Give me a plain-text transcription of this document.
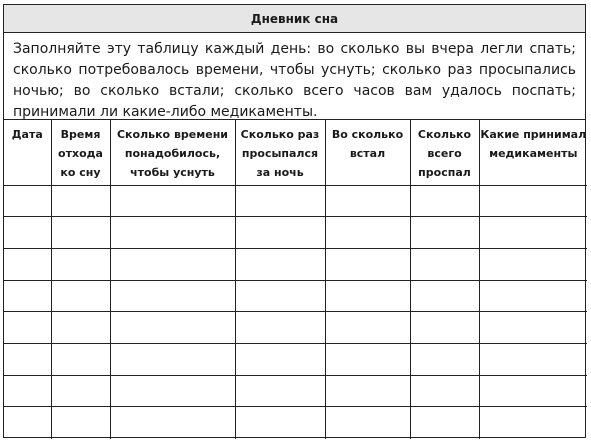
Дневник сна
Заполняйте эту таблицу каждый день: во сколько вы вчера легли спать; сколько потребовалось времени, чтобы уснуть; сколько раз просыпались ночью; во сколько встали; сколько всего часов вам удалось поспать; принимали ли какие-либо медикаменты.
Дата	Время отхода ко сну	Сколько времени понадобилось, чтобы уснуть	Сколько раз просыпался за ночь	Во сколько встал	Сколько всего проспал	Какие принимал медикаменты
